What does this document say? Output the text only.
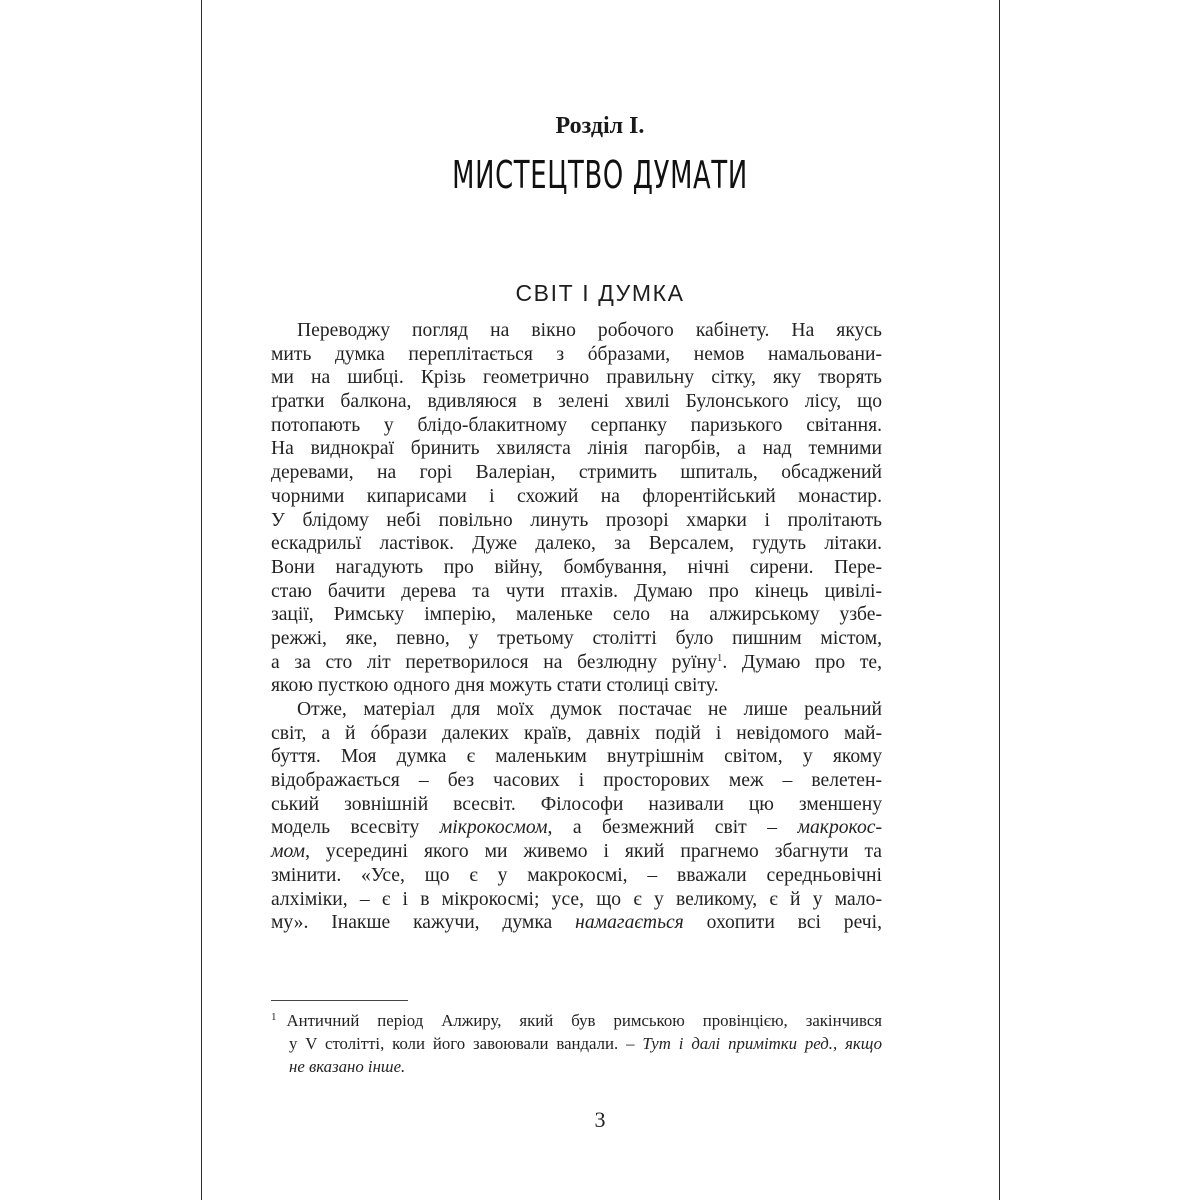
Розділ І.
МИСТЕЦТВО ДУМАТИ
СВІТ І ДУМКА
Переводжу погляд на вікно робочого кабінету. На якусь
мить думка переплітається з óбразами, немов намальовани-
ми на шибці. Крізь геометрично правильну сітку, яку творять
ґратки балкона, вдивляюся в зелені хвилі Булонського лісу, що
потопають у блідо-блакитному серпанку паризького світання.
На виднокраї бринить хвиляста лінія пагорбів, а над темними
деревами, на горі Валеріан, стримить шпиталь, обсаджений
чорними кипарисами і схожий на флорентійський монастир.
У блідому небі повільно линуть прозорі хмарки і пролітають
ескадрильї ластівок. Дуже далеко, за Версалем, гудуть літаки.
Вони нагадують про війну, бомбування, нічні сирени. Пере-
стаю бачити дерева та чути птахів. Думаю про кінець цивілі-
зації, Римську імперію, маленьке село на алжирському узбе-
режжі, яке, певно, у третьому столітті було пишним містом,
а за сто літ перетворилося на безлюдну руїну$^1$. Думаю про те,
якою пусткою одного дня можуть стати столиці світу.
Отже, матеріал для моїх думок постачає не лише реальний
світ, а й óбрази далеких країв, давніх подій і невідомого май-
буття. Моя думка є маленьким внутрішнім світом, у якому
відображається – без часових і просторових меж – велетен-
ський зовнішній всесвіт. Філософи називали цю зменшену
модель всесвіту мікрокосмом, а безмежний світ – макрокос-
мом, усередині якого ми живемо і який прагнемо збагнути та
змінити. «Усе, що є у макрокосмі, – вважали середньовічні
алхіміки, – є і в мікрокосмі; усе, що є у великому, є й у мало-
му». Інакше кажучи, думка намагається охопити всі речі,
$^1$ Античний період Алжиру, який був римською провінцією, закінчився
у V столітті, коли його завоювали вандали. – Тут і далі примітки ред., якщо
не вказано інше.
3
